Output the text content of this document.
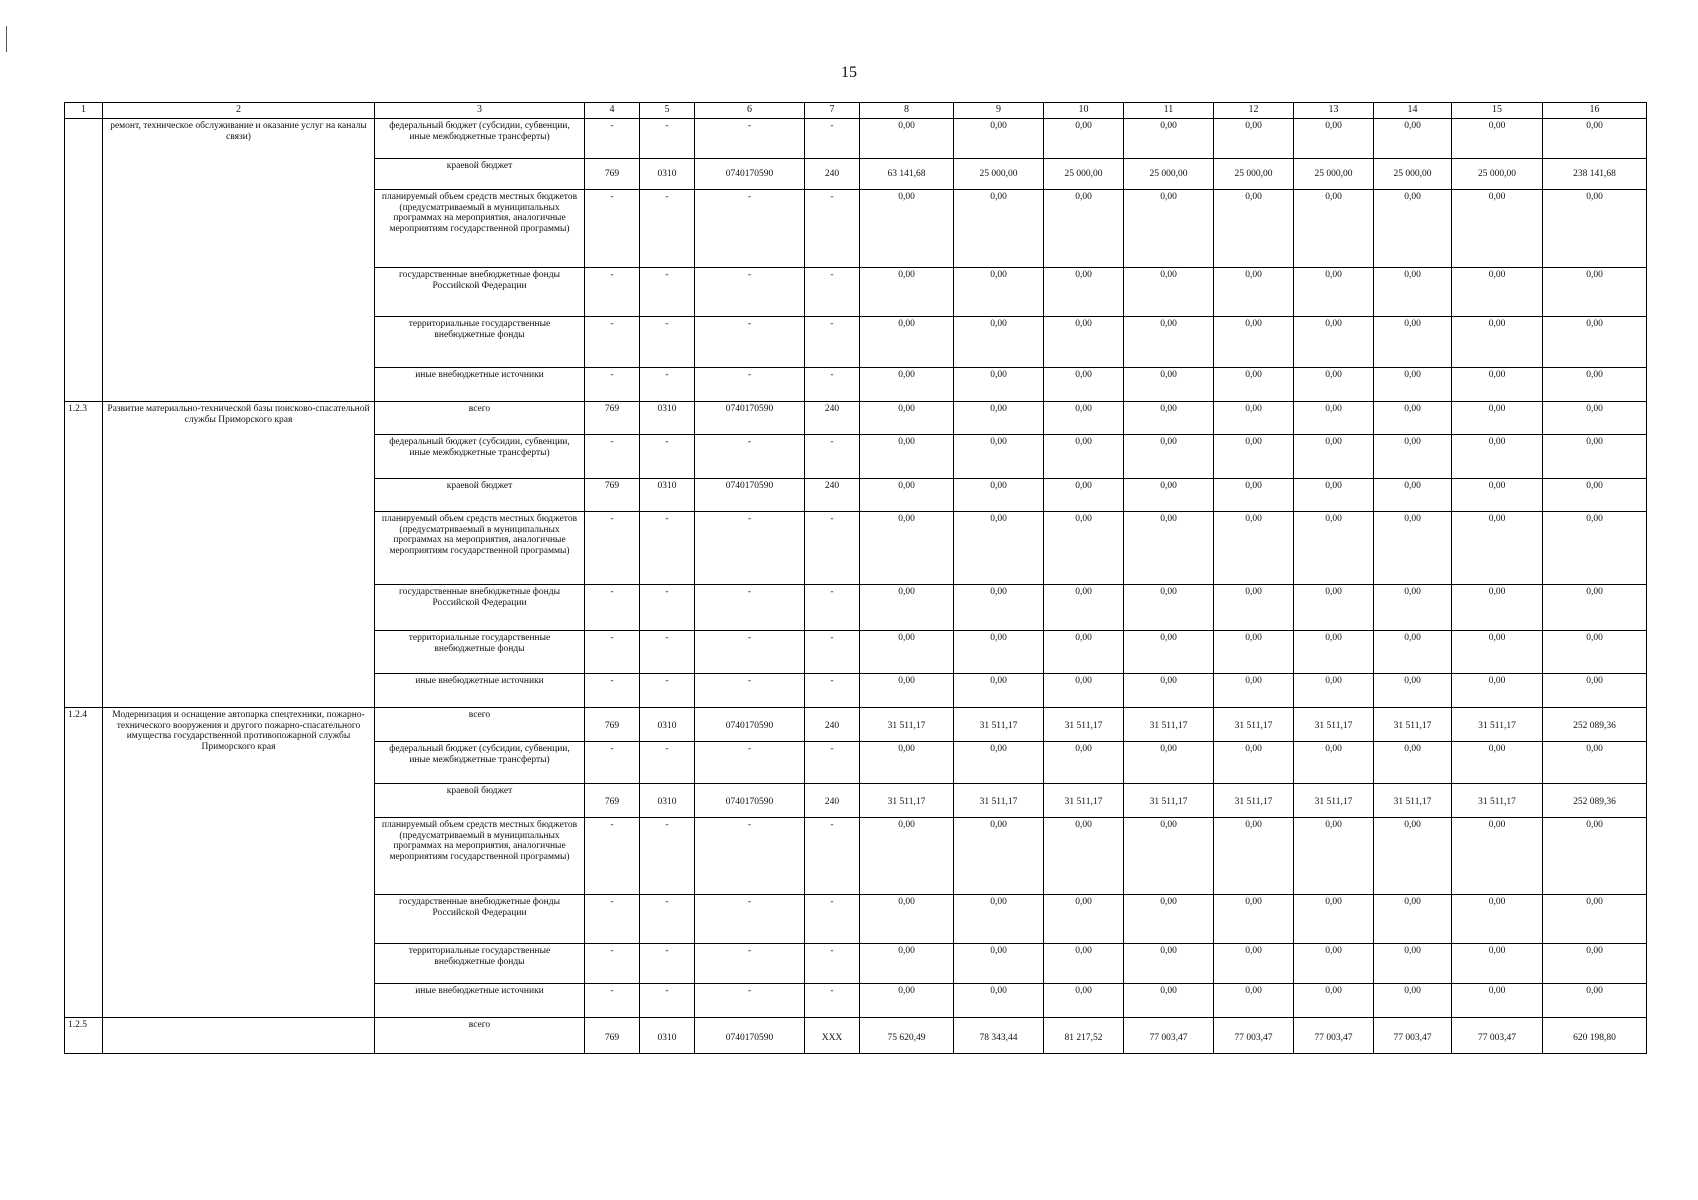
15
1	2	3	4	5	6	7	8	9	10	11	12	13	14	15	16
	ремонт, техническое обслуживание и оказание услуг на каналы связи)	федеральный бюджет (субсидии, субвенции, иные межбюджетные трансферты)	-	-	-	-	0,00	0,00	0,00	0,00	0,00	0,00	0,00	0,00	0,00
		краевой бюджет	769	0310	0740170590	240	63 141,68	25 000,00	25 000,00	25 000,00	25 000,00	25 000,00	25 000,00	25 000,00	238 141,68
		планируемый объем средств местных бюджетов (предусматриваемый в муниципальных программах на мероприятия, аналогичные мероприятиям государственной программы)	-	-	-	-	0,00	0,00	0,00	0,00	0,00	0,00	0,00	0,00	0,00
		государственные внебюджетные фонды Российской Федерации	-	-	-	-	0,00	0,00	0,00	0,00	0,00	0,00	0,00	0,00	0,00
		территориальные государственные внебюджетные фонды	-	-	-	-	0,00	0,00	0,00	0,00	0,00	0,00	0,00	0,00	0,00
		иные внебюджетные источники	-	-	-	-	0,00	0,00	0,00	0,00	0,00	0,00	0,00	0,00	0,00
1.2.3	Развитие материально-технической базы поисково-спасательной службы Приморского края	всего	769	0310	0740170590	240	0,00	0,00	0,00	0,00	0,00	0,00	0,00	0,00	0,00
		федеральный бюджет (субсидии, субвенции, иные межбюджетные трансферты)	-	-	-	-	0,00	0,00	0,00	0,00	0,00	0,00	0,00	0,00	0,00
		краевой бюджет	769	0310	0740170590	240	0,00	0,00	0,00	0,00	0,00	0,00	0,00	0,00	0,00
		планируемый объем средств местных бюджетов (предусматриваемый в муниципальных программах на мероприятия, аналогичные мероприятиям государственной программы)	-	-	-	-	0,00	0,00	0,00	0,00	0,00	0,00	0,00	0,00	0,00
		государственные внебюджетные фонды Российской Федерации	-	-	-	-	0,00	0,00	0,00	0,00	0,00	0,00	0,00	0,00	0,00
		территориальные государственные внебюджетные фонды	-	-	-	-	0,00	0,00	0,00	0,00	0,00	0,00	0,00	0,00	0,00
		иные внебюджетные источники	-	-	-	-	0,00	0,00	0,00	0,00	0,00	0,00	0,00	0,00	0,00
1.2.4	Модернизация и оснащение автопарка спецтехники, пожарно-технического вооружения и другого пожарно-спасательного имущества государственной противопожарной службы Приморского края	всего	769	0310	0740170590	240	31 511,17	31 511,17	31 511,17	31 511,17	31 511,17	31 511,17	31 511,17	31 511,17	252 089,36
		федеральный бюджет (субсидии, субвенции, иные межбюджетные трансферты)	-	-	-	-	0,00	0,00	0,00	0,00	0,00	0,00	0,00	0,00	0,00
		краевой бюджет	769	0310	0740170590	240	31 511,17	31 511,17	31 511,17	31 511,17	31 511,17	31 511,17	31 511,17	31 511,17	252 089,36
		планируемый объем средств местных бюджетов (предусматриваемый в муниципальных программах на мероприятия, аналогичные мероприятиям государственной программы)	-	-	-	-	0,00	0,00	0,00	0,00	0,00	0,00	0,00	0,00	0,00
		государственные внебюджетные фонды Российской Федерации	-	-	-	-	0,00	0,00	0,00	0,00	0,00	0,00	0,00	0,00	0,00
		территориальные государственные внебюджетные фонды	-	-	-	-	0,00	0,00	0,00	0,00	0,00	0,00	0,00	0,00	0,00
		иные внебюджетные источники	-	-	-	-	0,00	0,00	0,00	0,00	0,00	0,00	0,00	0,00	0,00
1.2.5		всего	769	0310	0740170590	XXX	75 620,49	78 343,44	81 217,52	77 003,47	77 003,47	77 003,47	77 003,47	77 003,47	620 198,80
